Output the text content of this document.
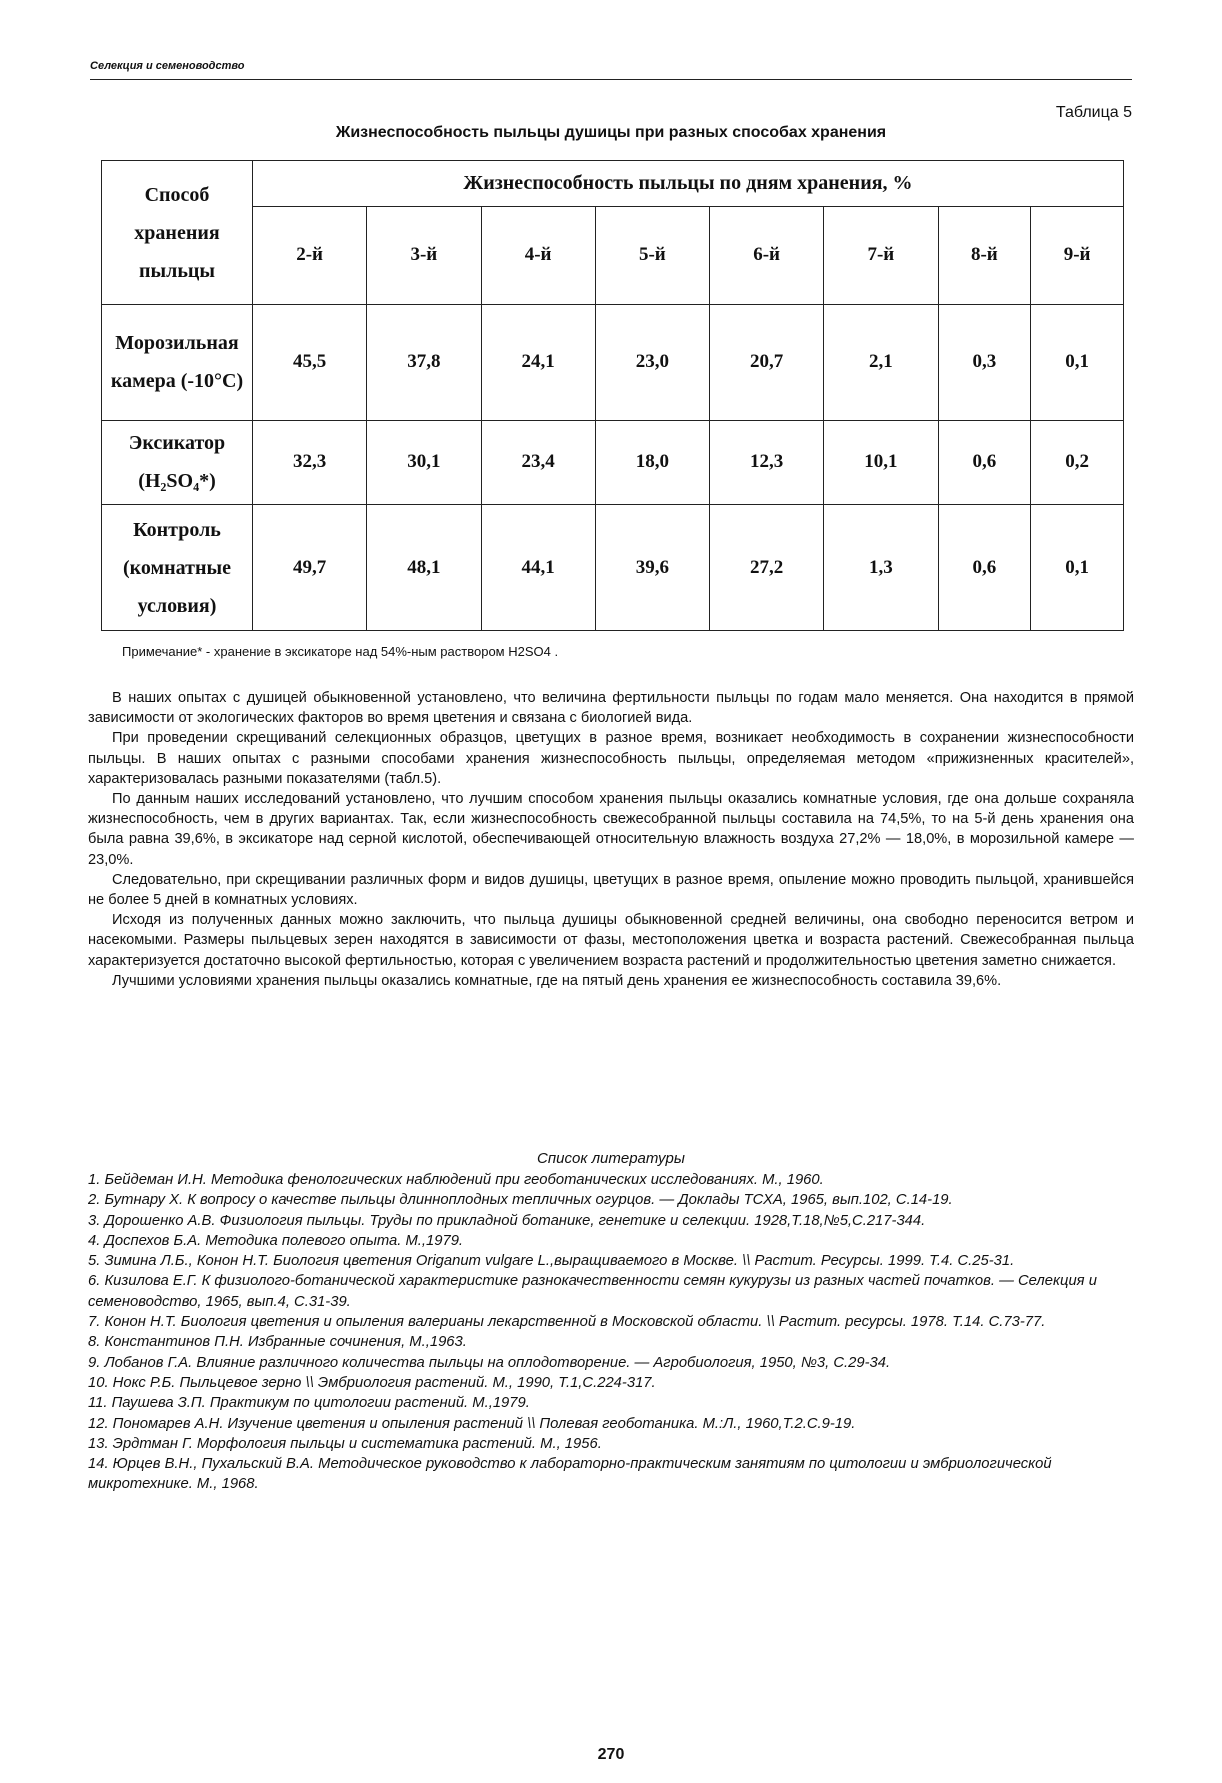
Селекция и семеноводство
Таблица 5
Жизнеспособность пыльцы душицы при разных способах хранения
Способ хранения пыльцы	Жизнеспособность пыльцы по дням хранения, %							
	2-й	3-й	4-й	5-й	6-й	7-й	8-й	9-й
Морозильная камера (-10°С)	45,5	37,8	24,1	23,0	20,7	2,1	0,3	0,1
Эксикатор (H₂SO₄*)	32,3	30,1	23,4	18,0	12,3	10,1	0,6	0,2
Контроль (комнатные условия)	49,7	48,1	44,1	39,6	27,2	1,3	0,6	0,1
Примечание* - хранение в эксикаторе над 54%-ным раствором H2SO4 .

В наших опытах с душицей обыкновенной установлено, что величина фертильности пыльцы по годам мало меняется. Она находится в прямой зависимости от экологических факторов во время цветения и связана с биологией вида.

При проведении скрещиваний селекционных образцов, цветущих в разное время, возникает необходимость в сохранении жизнеспособности пыльцы. В наших опытах с разными способами хранения жизнеспособность пыльцы, определяемая методом «прижизненных красителей», характеризовалась разными показателями (табл.5).

По данным наших исследований установлено, что лучшим способом хранения пыльцы оказались комнатные условия, где она дольше сохраняла жизнеспособность, чем в других вариантах. Так, если жизнеспособность свежесобранной пыльцы составила на 74,5%, то на 5-й день хранения она была равна 39,6%, в эксикаторе над серной кислотой, обеспечивающей относительную влажность воздуха 27,2% — 18,0%, в морозильной камере — 23,0%.

Следовательно, при скрещивании различных форм и видов душицы, цветущих в разное время, опыление можно проводить пыльцой, хранившейся не более 5 дней в комнатных условиях.

Исходя из полученных данных можно заключить, что пыльца душицы обыкновенной средней величины, она свободно переносится ветром и насекомыми. Размеры пыльцевых зерен находятся в зависимости от фазы, местоположения цветка и возраста растений. Свежесобранная пыльца характеризуется достаточно высокой фертильностью, которая с увеличением возраста растений и продолжительностью цветения заметно снижается.

Лучшими условиями хранения пыльцы оказались комнатные, где на пятый день хранения ее жизнеспособность составила 39,6%.

Список литературы
1. Бейдеман И.Н. Методика фенологических наблюдений при геоботанических исследованиях. М., 1960.
2. Бутнару Х. К вопросу о качестве пыльцы длинноплодных тепличных огурцов. — Доклады ТСХА, 1965, вып.102, С.14-19.
3. Дорошенко А.В. Физиология пыльцы. Труды по прикладной ботанике, генетике и селекции. 1928,Т.18,№5,С.217-344.
4. Доспехов Б.А. Методика полевого опыта. М.,1979.
5. Зимина Л.Б., Конон Н.Т. Биология цветения Origanum vulgare L.,выращиваемого в Москве. \\ Растит. Ресурсы. 1999. Т.4. С.25-31.
6. Кизилова Е.Г. К физиолого-ботанической характеристике разнокачественности семян кукурузы из разных частей початков. — Селекция и семеноводство, 1965, вып.4, С.31-39.
7. Конон Н.Т. Биология цветения и опыления валерианы лекарственной в Московской области. \\ Растит. ресурсы. 1978. Т.14. С.73-77.
8. Константинов П.Н. Избранные сочинения, М.,1963.
9. Лобанов Г.А. Влияние различного количества пыльцы на оплодотворение. — Агробиология, 1950, №3, С.29-34.
10. Нокс Р.Б. Пыльцевое зерно \\ Эмбриология растений. М., 1990, Т.1,С.224-317.
11. Паушева З.П. Практикум по цитологии растений. М.,1979.
12. Пономарев А.Н. Изучение цветения и опыления растений \\ Полевая геоботаника. М.:Л., 1960,Т.2.С.9-19.
13. Эрдтман Г. Морфология пыльцы и систематика растений. М., 1956.
14. Юрцев В.Н., Пухальский В.А. Методическое руководство к лабораторно-практическим занятиям по цитологии и эмбриологической микротехнике. М., 1968.
270
